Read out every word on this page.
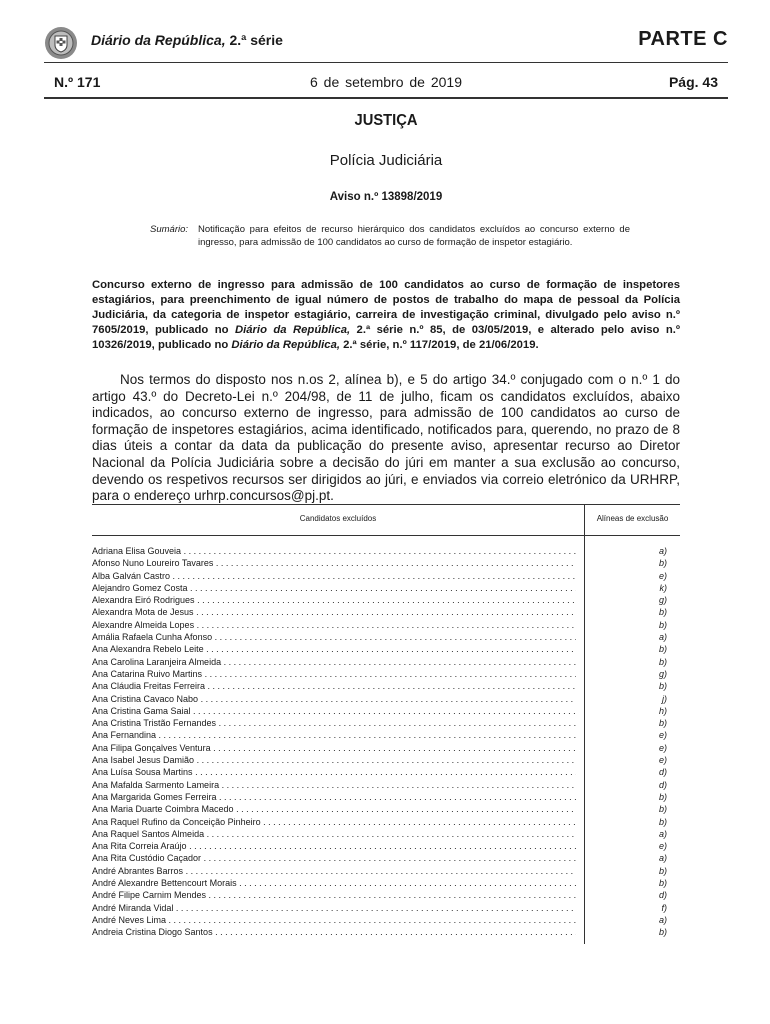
Diário da República, 2.ª série	PARTE C
N.º 171	6 de setembro de 2019	Pág. 43
JUSTIÇA
Polícia Judiciária
Aviso n.º 13898/2019
Sumário: Notificação para efeitos de recurso hierárquico dos candidatos excluídos ao concurso externo de ingresso, para admissão de 100 candidatos ao curso de formação de inspetor estagiário.
Concurso externo de ingresso para admissão de 100 candidatos ao curso de formação de inspetores estagiários, para preenchimento de igual número de postos de trabalho do mapa de pessoal da Polícia Judiciária, da categoria de inspetor estagiário, carreira de investigação criminal, divulgado pelo aviso n.º 7605/2019, publicado no Diário da República, 2.ª série n.º 85, de 03/05/2019, e alterado pelo aviso n.º 10326/2019, publicado no Diário da República, 2.ª série, n.º 117/2019, de 21/06/2019.

Nos termos do disposto nos n.os 2, alínea b), e 5 do artigo 34.º conjugado com o n.º 1 do artigo 43.º do Decreto-Lei n.º 204/98, de 11 de julho, ficam os candidatos excluídos, abaixo indicados, ao concurso externo de ingresso, para admissão de 100 candidatos ao curso de formação de inspetores estagiários, acima identificado, notificados para, querendo, no prazo de 8 dias úteis a contar da data da publicação do presente aviso, apresentar recurso ao Diretor Nacional da Polícia Judiciária sobre a decisão do júri em manter a sua exclusão ao concurso, devendo os respetivos recursos ser dirigidos ao júri, e enviados via correio eletrónico da URHRP, para o endereço urhrp.concursos@pj.pt.

Candidatos excluídos	Alíneas de exclusão
Adriana Elisa Gouveia . . .	a)
Afonso Nuno Loureiro Tavares . . .	b)
Alba Galván Castro . . .	e)
Alejandro Gomez Costa . . .	k)
Alexandra Eiró Rodrigues . . .	g)
Alexandra Mota de Jesus . . .	b)
Alexandre Almeida Lopes . . .	b)
Amália Rafaela Cunha Afonso . . .	a)
Ana Alexandra Rebelo Leite . . .	b)
Ana Carolina Laranjeira Almeida . . .	b)
Ana Catarina Ruivo Martins . . .	g)
Ana Cláudia Freitas Ferreira . . .	b)
Ana Cristina Cavaco Nabo . . .	j)
Ana Cristina Gama Saial . . .	h)
Ana Cristina Tristão Fernandes . . .	b)
Ana Fernandina . . .	e)
Ana Filipa Gonçalves Ventura . . .	e)
Ana Isabel Jesus Damião . . .	e)
Ana Luísa Sousa Martins . . .	d)
Ana Mafalda Sarmento Lameira . . .	d)
Ana Margarida Gomes Ferreira . . .	b)
Ana Maria Duarte Coimbra Macedo . . .	b)
Ana Raquel Rufino da Conceição Pinheiro . . .	b)
Ana Raquel Santos Almeida . . .	a)
Ana Rita Correia Araújo . . .	e)
Ana Rita Custódio Caçador . . .	a)
André Abrantes Barros . . .	b)
André Alexandre Bettencourt Morais . . .	b)
André Filipe Carnim Mendes . . .	d)
André Miranda Vidal . . .	f)
André Neves Lima . . .	a)
Andreia Cristina Diogo Santos . . .	b)
